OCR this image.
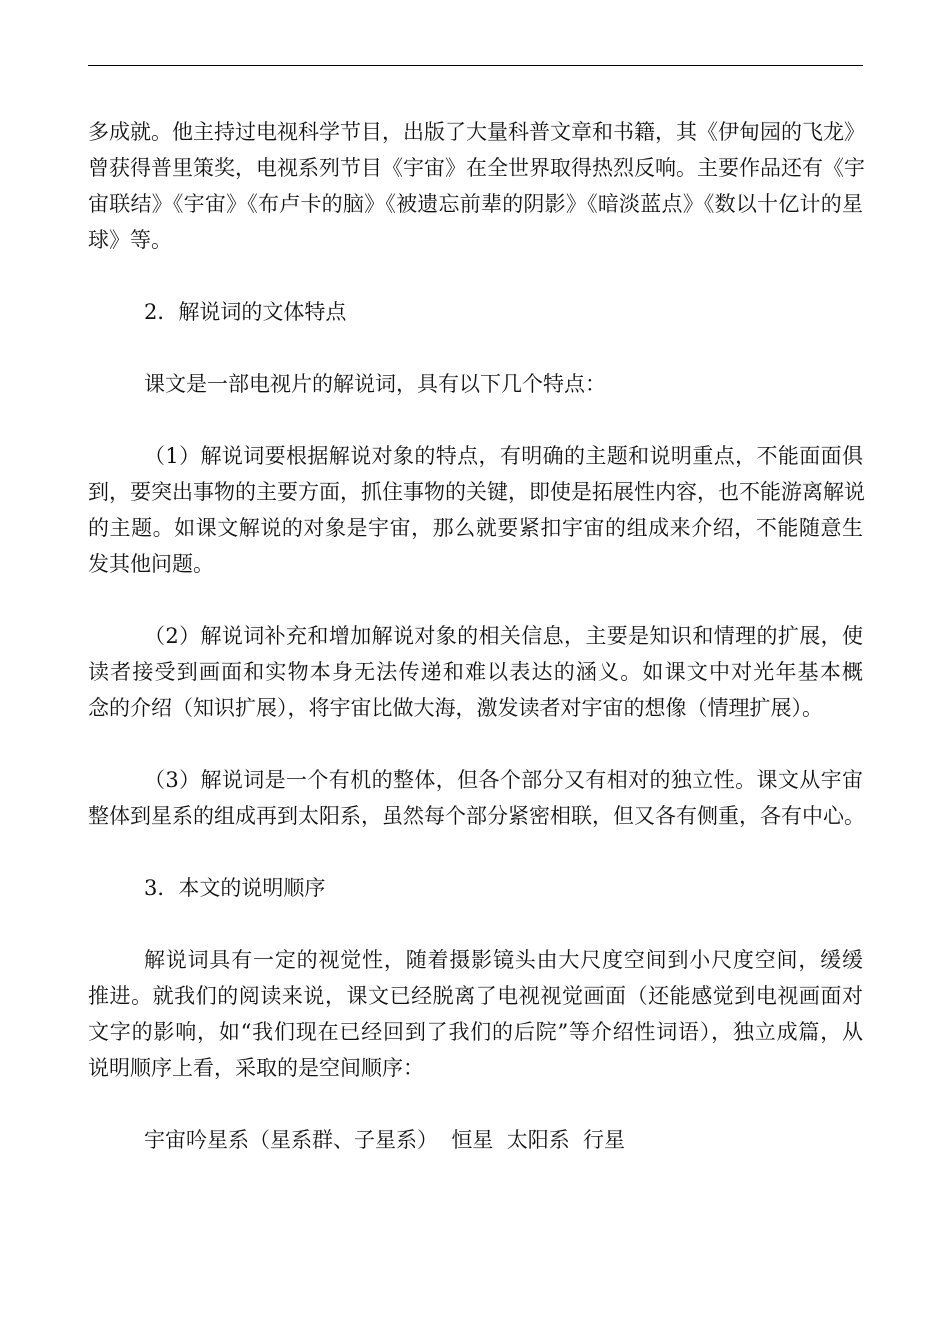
多成就。他主持过电视科学节目，出版了大量科普文章和书籍，其《伊甸园的飞龙》
曾获得普里策奖，电视系列节目《宇宙》在全世界取得热烈反响。主要作品还有《宇
宙联结》《宇宙》《布卢卡的脑》《被遗忘前辈的阴影》《暗淡蓝点》《数以十亿计的星
球》等。
2．解说词的文体特点
课文是一部电视片的解说词，具有以下几个特点：
（1）解说词要根据解说对象的特点，有明确的主题和说明重点，不能面面俱
到，要突出事物的主要方面，抓住事物的关键，即使是拓展性内容，也不能游离解说
的主题。如课文解说的对象是宇宙，那么就要紧扣宇宙的组成来介绍，不能随意生
发其他问题。
（2）解说词补充和增加解说对象的相关信息，主要是知识和情理的扩展，使
读者接受到画面和实物本身无法传递和难以表达的涵义。如课文中对光年基本概
念的介绍（知识扩展），将宇宙比做大海，激发读者对宇宙的想像（情理扩展）。
（3）解说词是一个有机的整体，但各个部分又有相对的独立性。课文从宇宙
整体到星系的组成再到太阳系，虽然每个部分紧密相联，但又各有侧重，各有中心。
3．本文的说明顺序
解说词具有一定的视觉性，随着摄影镜头由大尺度空间到小尺度空间，缓缓
推进。就我们的阅读来说，课文已经脱离了电视视觉画面（还能感觉到电视画面对
文字的影响，如“我们现在已经回到了我们的后院”等介绍性词语），独立成篇，从
说明顺序上看，采取的是空间顺序：
宇宙吟星系（星系群、子星系）  恒星  太阳系  行星
